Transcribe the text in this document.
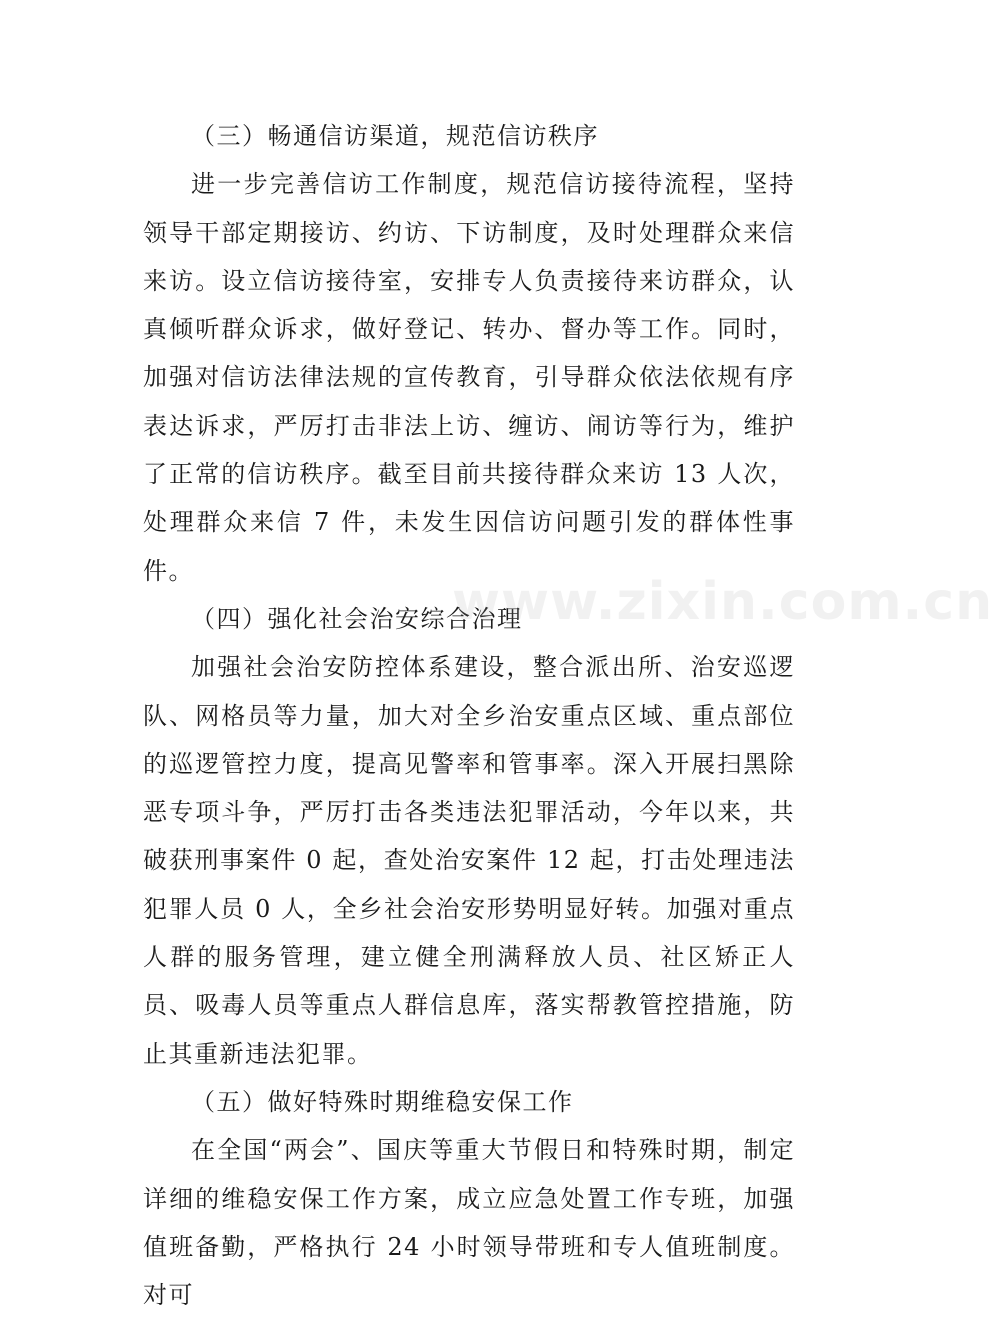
（三）畅通信访渠道，规范信访秩序

进一步完善信访工作制度，规范信访接待流程，坚持领导干部定期接访、约访、下访制度，及时处理群众来信来访。设立信访接待室，安排专人负责接待来访群众，认真倾听群众诉求，做好登记、转办、督办等工作。同时，加强对信访法律法规的宣传教育，引导群众依法依规有序表达诉求，严厉打击非法上访、缠访、闹访等行为，维护了正常的信访秩序。截至目前共接待群众来访 13 人次，处理群众来信 7 件，未发生因信访问题引发的群体性事件。

（四）强化社会治安综合治理

加强社会治安防控体系建设，整合派出所、治安巡逻队、网格员等力量，加大对全乡治安重点区域、重点部位的巡逻管控力度，提高见警率和管事率。深入开展扫黑除恶专项斗争，严厉打击各类违法犯罪活动，今年以来，共破获刑事案件 0 起，查处治安案件 12 起，打击处理违法犯罪人员 0 人，全乡社会治安形势明显好转。加强对重点人群的服务管理，建立健全刑满释放人员、社区矫正人员、吸毒人员等重点人群信息库，落实帮教管控措施，防止其重新违法犯罪。

（五）做好特殊时期维稳安保工作

在全国“两会”、国庆等重大节假日和特殊时期，制定详细的维稳安保工作方案，成立应急处置工作专班，加强值班备勤，严格执行 24 小时领导带班和专人值班制度。对可

www.zixin.com.cn
